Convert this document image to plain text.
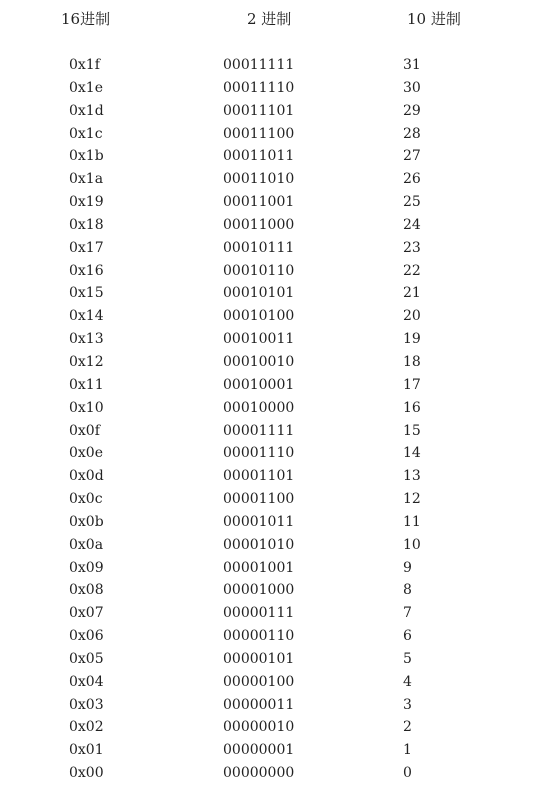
16进制	2 进制	10 进制
0x1f	00011111	31
0x1e	00011110	30
0x1d	00011101	29
0x1c	00011100	28
0x1b	00011011	27
0x1a	00011010	26
0x19	00011001	25
0x18	00011000	24
0x17	00010111	23
0x16	00010110	22
0x15	00010101	21
0x14	00010100	20
0x13	00010011	19
0x12	00010010	18
0x11	00010001	17
0x10	00010000	16
0x0f	00001111	15
0x0e	00001110	14
0x0d	00001101	13
0x0c	00001100	12
0x0b	00001011	11
0x0a	00001010	10
0x09	00001001	9
0x08	00001000	8
0x07	00000111	7
0x06	00000110	6
0x05	00000101	5
0x04	00000100	4
0x03	00000011	3
0x02	00000010	2
0x01	00000001	1
0x00	00000000	0
